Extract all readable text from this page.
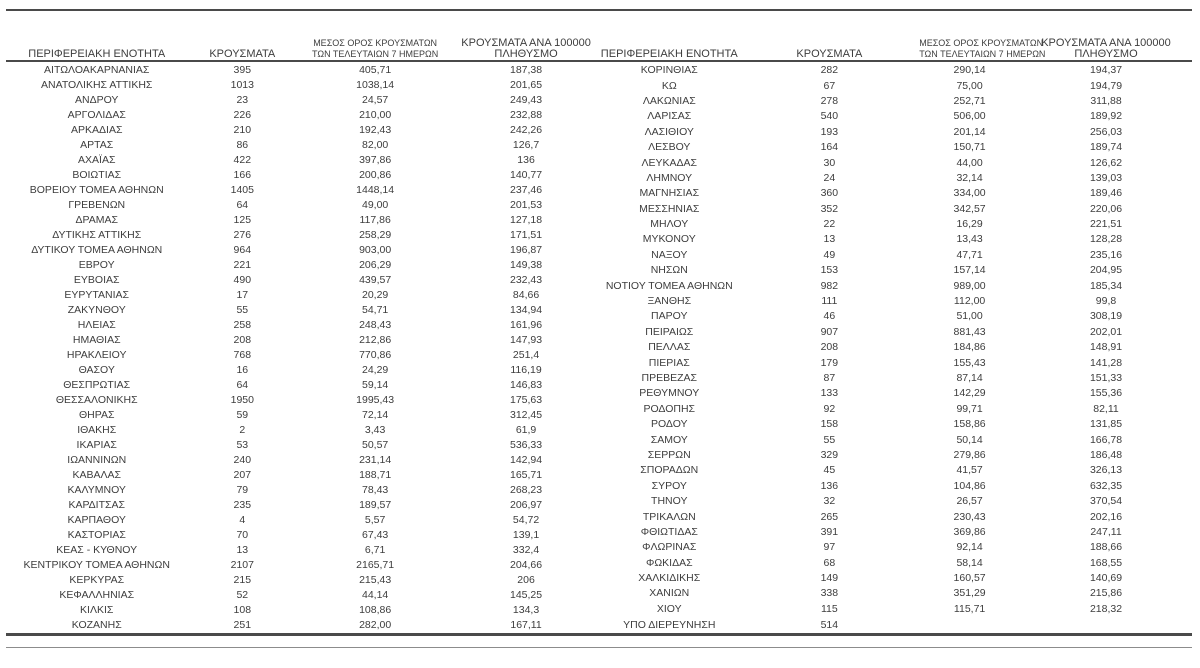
ΠΕΡΙΦΕΡΕΙΑΚΗ ΕΝΟΤΗΤΑ	ΚΡΟΥΣΜΑΤΑ	ΜΕΣΟΣ ΟΡΟΣ ΚΡΟΥΣΜΑΤΩΝ
ΤΩΝ ΤΕΛΕΥΤΑΙΩΝ 7 ΗΜΕΡΩΝ	ΚΡΟΥΣΜΑΤΑ ΑΝΑ 100000
ΠΛΗΘΥΣΜΟ

ΑΙΤΩΛΟΑΚΑΡΝΑΝΙΑΣ	395	405,71	187,38
ΑΝΑΤΟΛΙΚΗΣ ΑΤΤΙΚΗΣ	1013	1038,14	201,65
ΑΝΔΡΟΥ	23	24,57	249,43
ΑΡΓΟΛΙΔΑΣ	226	210,00	232,88
ΑΡΚΑΔΙΑΣ	210	192,43	242,26
ΑΡΤΑΣ	86	82,00	126,7
ΑΧΑΪΑΣ	422	397,86	136
ΒΟΙΩΤΙΑΣ	166	200,86	140,77
ΒΟΡΕΙΟΥ ΤΟΜΕΑ ΑΘΗΝΩΝ	1405	1448,14	237,46
ΓΡΕΒΕΝΩΝ	64	49,00	201,53
ΔΡΑΜΑΣ	125	117,86	127,18
ΔΥΤΙΚΗΣ ΑΤΤΙΚΗΣ	276	258,29	171,51
ΔΥΤΙΚΟΥ ΤΟΜΕΑ ΑΘΗΝΩΝ	964	903,00	196,87
ΕΒΡΟΥ	221	206,29	149,38
ΕΥΒΟΙΑΣ	490	439,57	232,43
ΕΥΡΥΤΑΝΙΑΣ	17	20,29	84,66
ΖΑΚΥΝΘΟΥ	55	54,71	134,94
ΗΛΕΙΑΣ	258	248,43	161,96
ΗΜΑΘΙΑΣ	208	212,86	147,93
ΗΡΑΚΛΕΙΟΥ	768	770,86	251,4
ΘΑΣΟΥ	16	24,29	116,19
ΘΕΣΠΡΩΤΙΑΣ	64	59,14	146,83
ΘΕΣΣΑΛΟΝΙΚΗΣ	1950	1995,43	175,63
ΘΗΡΑΣ	59	72,14	312,45
ΙΘΑΚΗΣ	2	3,43	61,9
ΙΚΑΡΙΑΣ	53	50,57	536,33
ΙΩΑΝΝΙΝΩΝ	240	231,14	142,94
ΚΑΒΑΛΑΣ	207	188,71	165,71
ΚΑΛΥΜΝΟΥ	79	78,43	268,23
ΚΑΡΔΙΤΣΑΣ	235	189,57	206,97
ΚΑΡΠΑΘΟΥ	4	5,57	54,72
ΚΑΣΤΟΡΙΑΣ	70	67,43	139,1
ΚΕΑΣ - ΚΥΘΝΟΥ	13	6,71	332,4
ΚΕΝΤΡΙΚΟΥ ΤΟΜΕΑ ΑΘΗΝΩΝ	2107	2165,71	204,66
ΚΕΡΚΥΡΑΣ	215	215,43	206
ΚΕΦΑΛΛΗΝΙΑΣ	52	44,14	145,25
ΚΙΛΚΙΣ	108	108,86	134,3
ΚΟΖΑΝΗΣ	251	282,00	167,11
ΠΕΡΙΦΕΡΕΙΑΚΗ ΕΝΟΤΗΤΑ	ΚΡΟΥΣΜΑΤΑ	ΜΕΣΟΣ ΟΡΟΣ ΚΡΟΥΣΜΑΤΩΝ
ΤΩΝ ΤΕΛΕΥΤΑΙΩΝ 7 ΗΜΕΡΩΝ	ΚΡΟΥΣΜΑΤΑ ΑΝΑ 100000
ΠΛΗΘΥΣΜΟ

ΚΟΡΙΝΘΙΑΣ	282	290,14	194,37
ΚΩ	67	75,00	194,79
ΛΑΚΩΝΙΑΣ	278	252,71	311,88
ΛΑΡΙΣΑΣ	540	506,00	189,92
ΛΑΣΙΘΙΟΥ	193	201,14	256,03
ΛΕΣΒΟΥ	164	150,71	189,74
ΛΕΥΚΑΔΑΣ	30	44,00	126,62
ΛΗΜΝΟΥ	24	32,14	139,03
ΜΑΓΝΗΣΙΑΣ	360	334,00	189,46
ΜΕΣΣΗΝΙΑΣ	352	342,57	220,06
ΜΗΛΟΥ	22	16,29	221,51
ΜΥΚΟΝΟΥ	13	13,43	128,28
ΝΑΞΟΥ	49	47,71	235,16
ΝΗΣΩΝ	153	157,14	204,95
ΝΟΤΙΟΥ ΤΟΜΕΑ ΑΘΗΝΩΝ	982	989,00	185,34
ΞΑΝΘΗΣ	111	112,00	99,8
ΠΑΡΟΥ	46	51,00	308,19
ΠΕΙΡΑΙΩΣ	907	881,43	202,01
ΠΕΛΛΑΣ	208	184,86	148,91
ΠΙΕΡΙΑΣ	179	155,43	141,28
ΠΡΕΒΕΖΑΣ	87	87,14	151,33
ΡΕΘΥΜΝΟΥ	133	142,29	155,36
ΡΟΔΟΠΗΣ	92	99,71	82,11
ΡΟΔΟΥ	158	158,86	131,85
ΣΑΜΟΥ	55	50,14	166,78
ΣΕΡΡΩΝ	329	279,86	186,48
ΣΠΟΡΑΔΩΝ	45	41,57	326,13
ΣΥΡΟΥ	136	104,86	632,35
ΤΗΝΟΥ	32	26,57	370,54
ΤΡΙΚΑΛΩΝ	265	230,43	202,16
ΦΘΙΩΤΙΔΑΣ	391	369,86	247,11
ΦΛΩΡΙΝΑΣ	97	92,14	188,66
ΦΩΚΙΔΑΣ	68	58,14	168,55
ΧΑΛΚΙΔΙΚΗΣ	149	160,57	140,69
ΧΑΝΙΩΝ	338	351,29	215,86
ΧΙΟΥ	115	115,71	218,32
ΥΠΟ ΔΙΕΡΕΥΝΗΣΗ	514		
